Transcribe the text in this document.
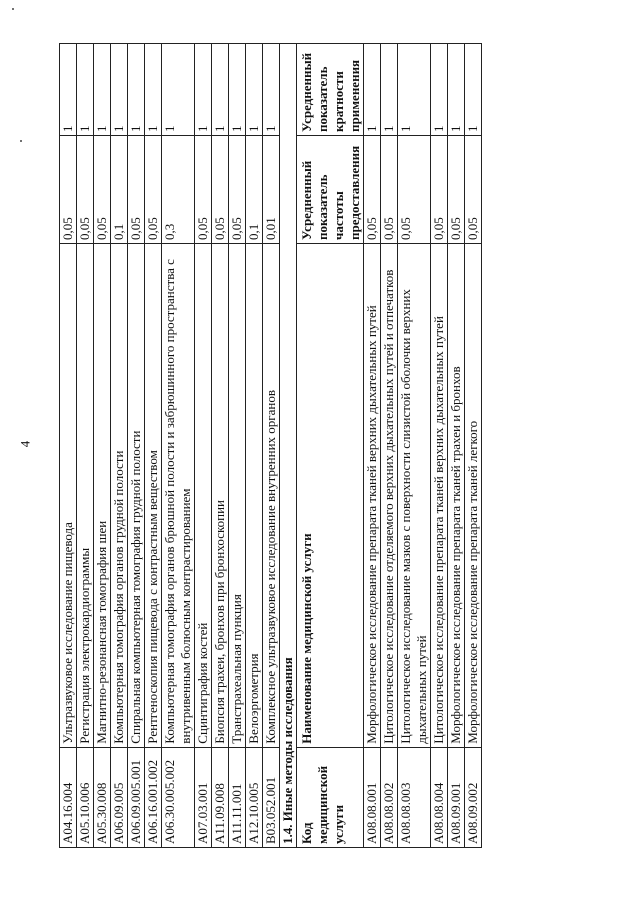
4
A04.16.004	Ультразвуковое исследование пищевода	0,05	1
A05.10.006	Регистрация электрокардиограммы	0,05	1
A05.30.008	Магнитно-резонансная томография шеи	0,05	1
A06.09.005	Компьютерная томография органов грудной полости	0,1	1
A06.09.005.001	Спиральная компьютерная томография грудной полости	0,05	1
A06.16.001.002	Рентгеноскопия пищевода с контрастным веществом	0,05	1
A06.30.005.002	Компьютерная томография органов брюшной полости и забрюшинного пространства с внутривенным болюсным контрастированием	0,3	1
A07.03.001	Сцинтиграфия костей	0,05	1
A11.09.008	Биопсия трахеи, бронхов при бронхоскопии	0,05	1
A11.11.001	Транстрахеальная пункция	0,05	1
A12.10.005	Велоэргометрия	0,1	1
B03.052.001	Комплексное ультразвуковое исследование внутренних органов	0,01	1
1.4. Иные методы исследования			

Код медицинской услуги	Наименование медицинской услуги	Усредненный показатель частоты предоставления	Усредненный показатель кратности применения

A08.08.001	Морфологическое исследование препарата тканей верхних дыхательных путей	0,05	1
A08.08.002	Цитологическое исследование отделяемого верхних дыхательных путей и отпечатков	0,05	1
A08.08.003	Цитологическое исследование мазков с поверхности слизистой оболочки верхних дыхательных путей	0,05	1
A08.08.004	Цитологическое исследование препарата тканей верхних дыхательных путей	0,05	1
A08.09.001	Морфологическое исследование препарата тканей трахеи и бронхов	0,05	1
A08.09.002	Морфологическое исследование препарата тканей легкого	0,05	1
